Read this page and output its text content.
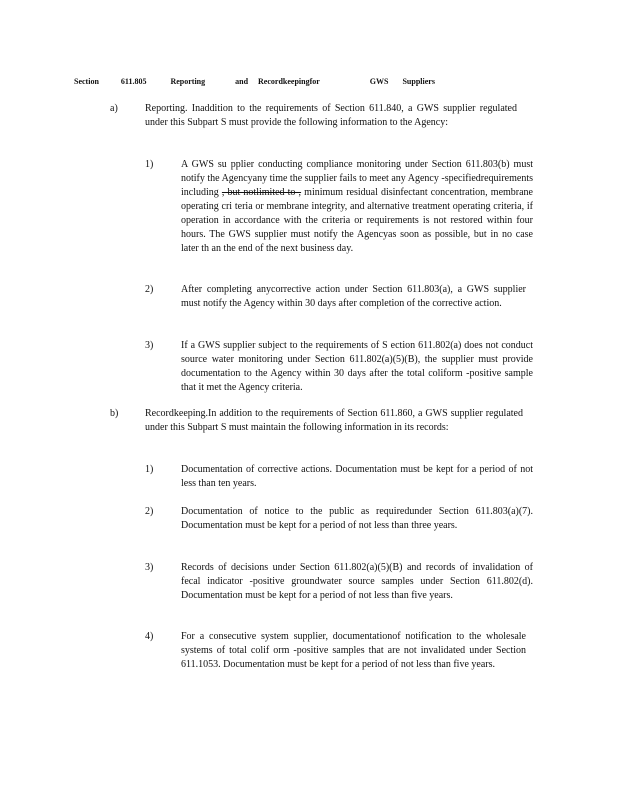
Section	611.805	Reporting	and Recordkeepingfor	GWS Suppliers
a)	Reporting. Inaddition to the requirements of Section 611.840, a GWS supplier regulated under this Subpart S must provide the following information to the Agency:
1)	A GWS su pplier conducting compliance monitoring under Section 611.803(b) must notify the Agencyany time the supplier fails to meet any Agency -specifiedrequirements including , but notlimited to , minimum residual disinfectant concentration, membrane operating cri teria or membrane integrity, and alternative treatment operating criteria, if operation in accordance with the criteria or requirements is not restored within four hours. The GWS supplier must notify the Agencyas soon as possible, but in no case later th an the end of the next business day.
2)	After completing anycorrective action under Section 611.803(a), a GWS supplier must notify the Agency within 30 days after completion of the corrective action.
3)	If a GWS supplier subject to the requirements of S ection 611.802(a) does not conduct source water monitoring under Section 611.802(a)(5)(B), the supplier must provide documentation to the Agency within 30 days after the total coliform -positive sample that it met the Agency criteria.
b)	Recordkeeping.In addition to the requirements of Section 611.860, a GWS supplier regulated under this Subpart S must maintain the following information in its records:
1)	Documentation of corrective actions. Documentation must be kept for a period of not less than ten years.
2)	Documentation of notice to the public as requiredunder Section 611.803(a)(7). Documentation must be kept for a period of not less than three years.
3)	Records of decisions under Section 611.802(a)(5)(B) and records of invalidation of fecal indicator -positive groundwater source samples under Section 611.802(d). Documentation must be kept for a period of not less than five years.
4)	For a consecutive system supplier, documentationof notification to the wholesale systems of total colif orm -positive samples that are not invalidated under Section 611.1053. Documentation must be kept for a period of not less than five years.
